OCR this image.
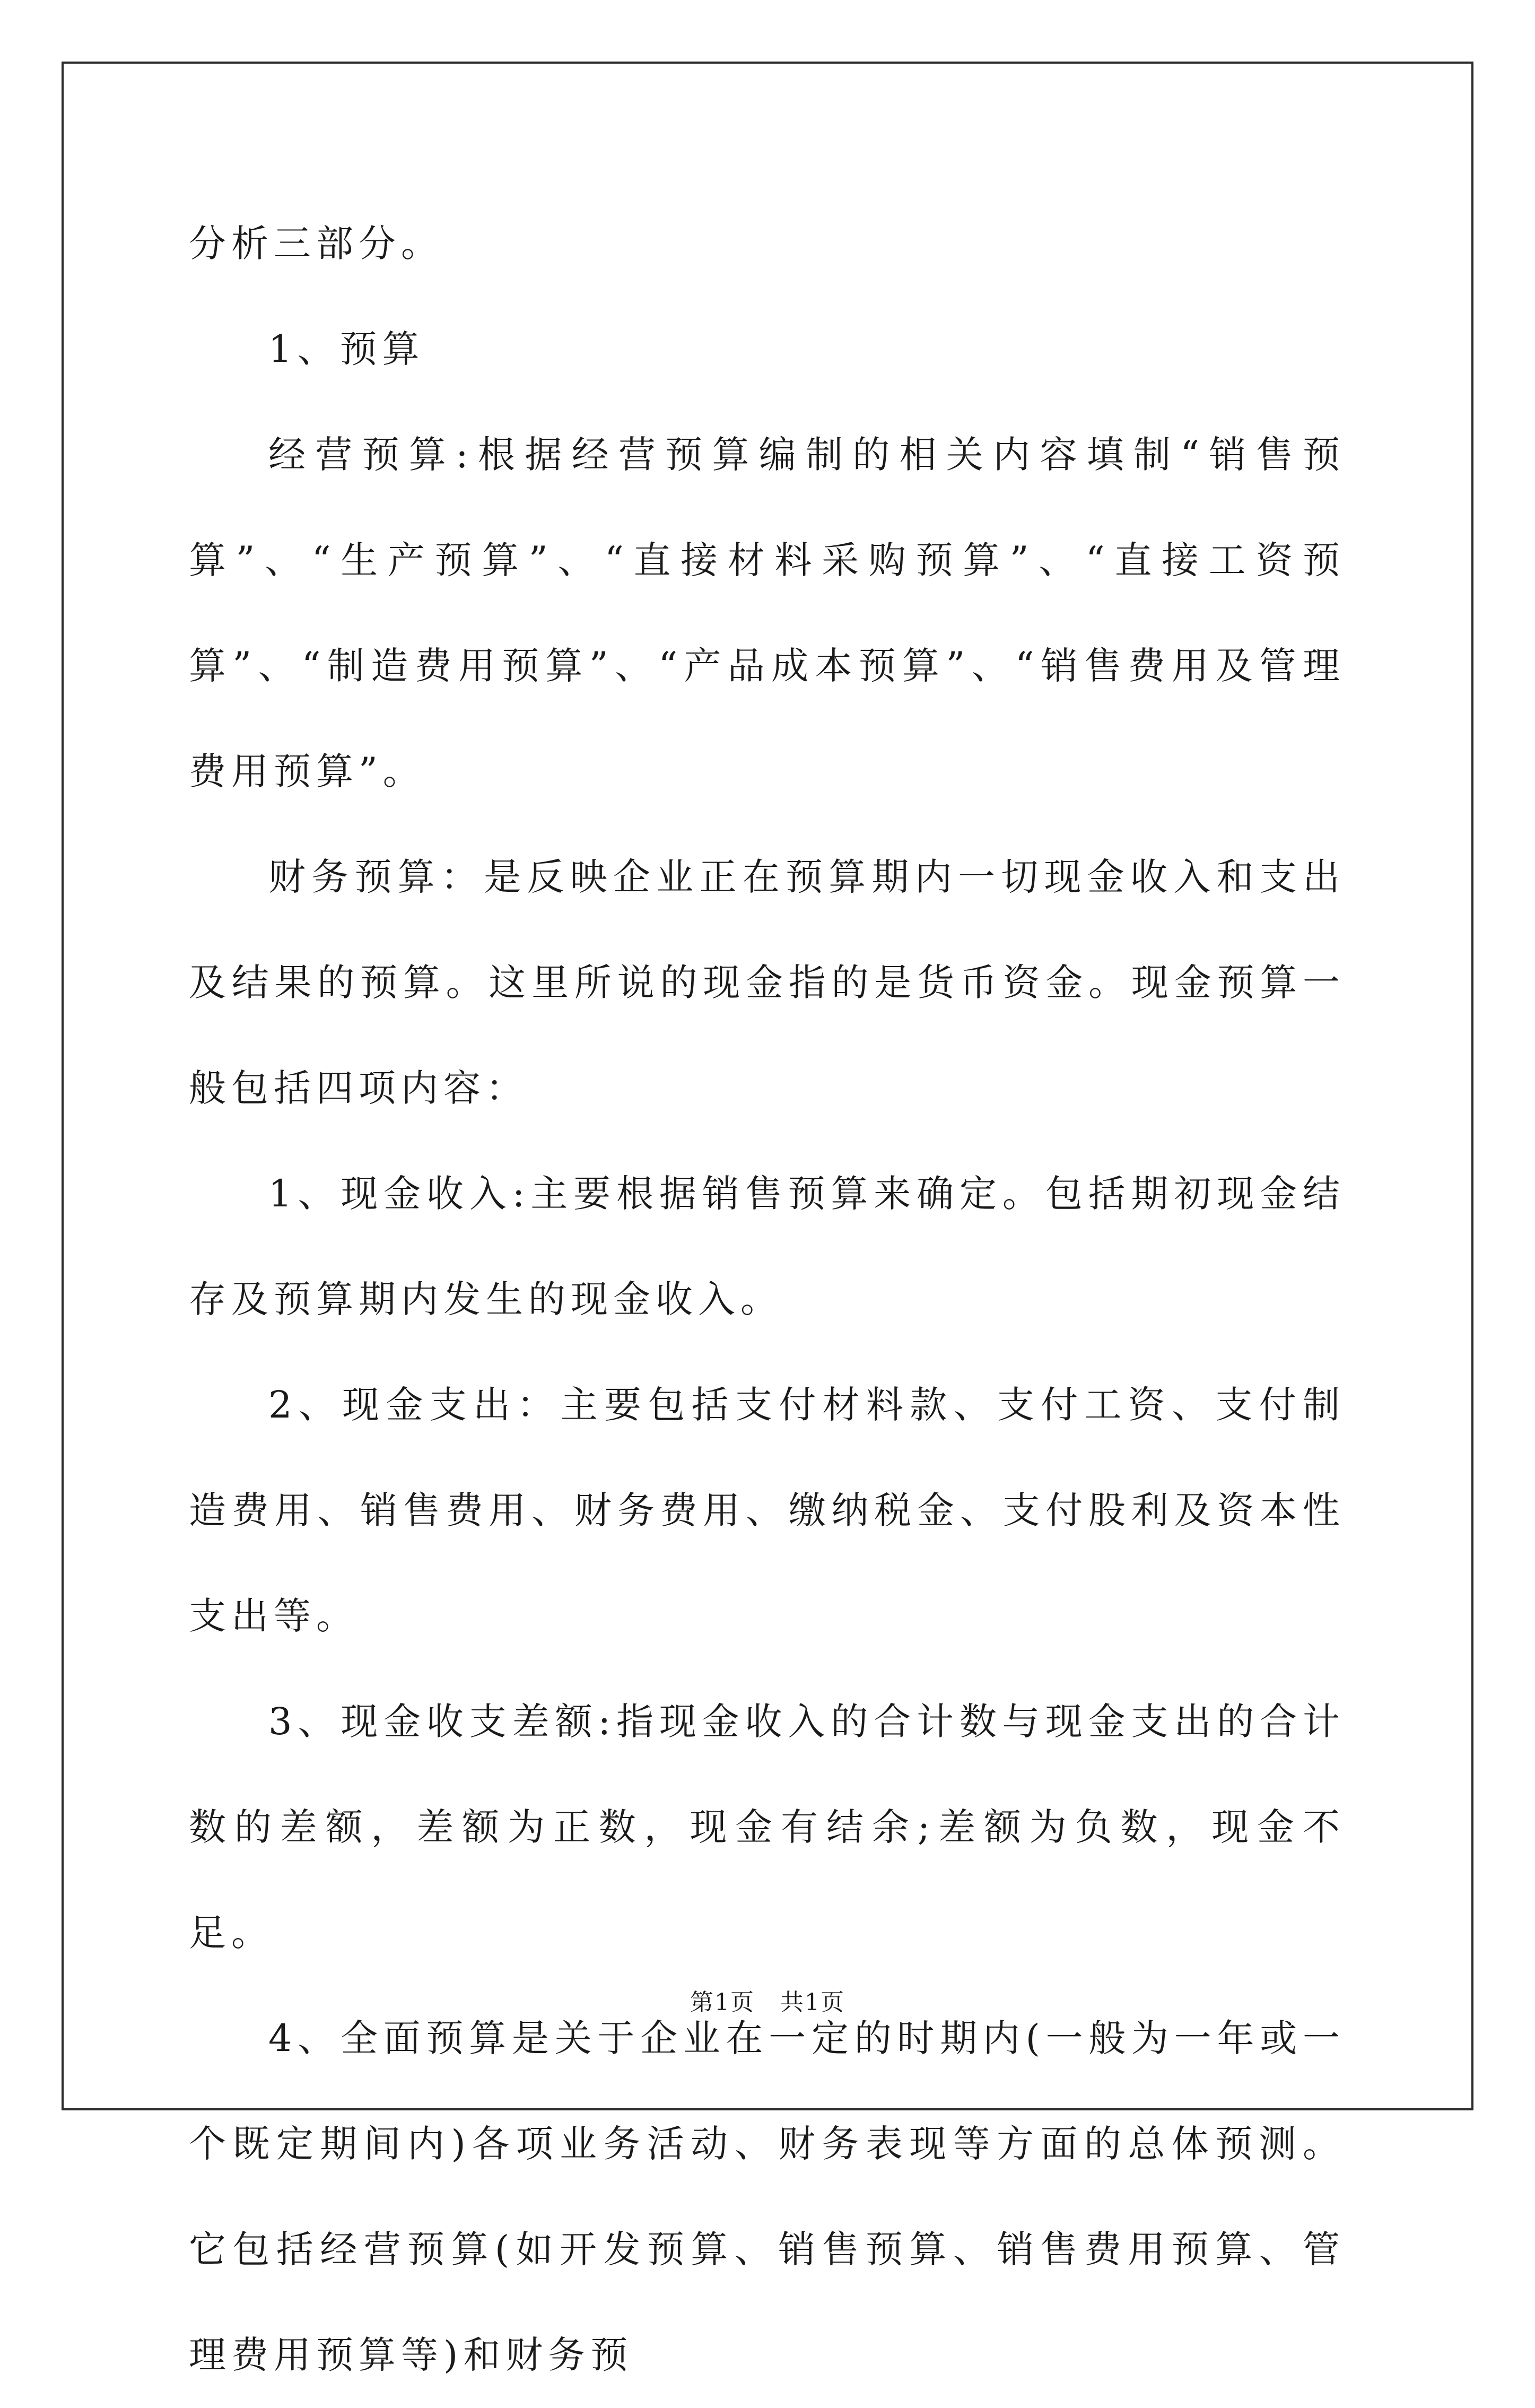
分析三部分。

1、预算

经营预算:根据经营预算编制的相关内容填制“销售预算”、“生产预算”、“直接材料采购预算”、“直接工资预算”、“制造费用预算”、“产品成本预算”、“销售费用及管理费用预算”。

财务预算：是反映企业正在预算期内一切现金收入和支出及结果的预算。这里所说的现金指的是货币资金。现金预算一般包括四项内容：

1、现金收入:主要根据销售预算来确定。包括期初现金结存及预算期内发生的现金收入。

2、现金支出：主要包括支付材料款、支付工资、支付制造费用、销售费用、财务费用、缴纳税金、支付股利及资本性支出等。

3、现金收支差额:指现金收入的合计数与现金支出的合计数的差额，差额为正数，现金有结余;差额为负数，现金不足。

4、全面预算是关于企业在一定的时期内(一般为一年或一个既定期间内)各项业务活动、财务表现等方面的总体预测。它包括经营预算(如开发预算、销售预算、销售费用预算、管理费用预算等)和财务预

第1页 共1页
